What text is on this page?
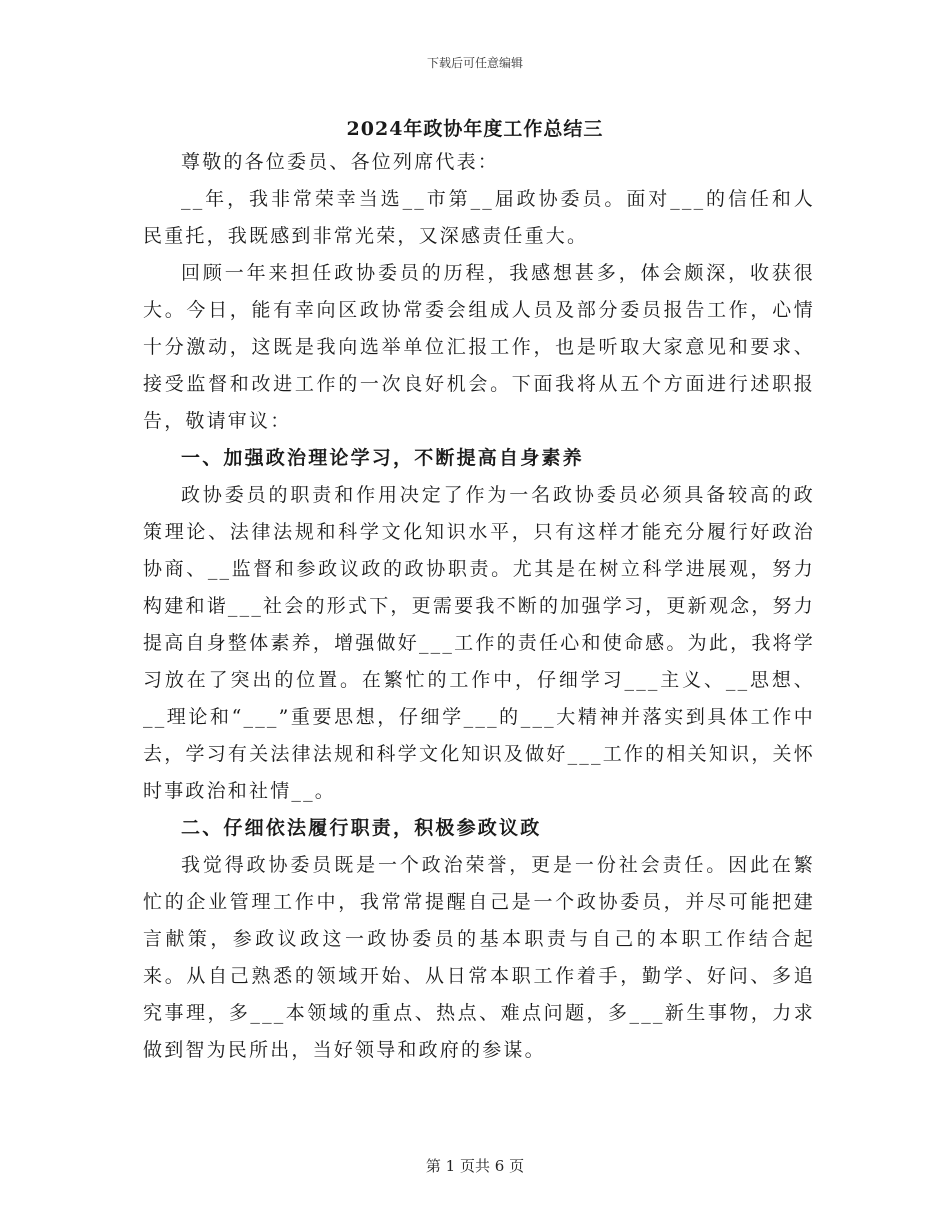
下载后可任意编辑
2024年政协年度工作总结三

尊敬的各位委员、各位列席代表：

__年，我非常荣幸当选__市第__届政协委员。面对___的信任和人民重托，我既感到非常光荣，又深感责任重大。

回顾一年来担任政协委员的历程，我感想甚多，体会颇深，收获很大。今日，能有幸向区政协常委会组成人员及部分委员报告工作，心情十分激动，这既是我向选举单位汇报工作，也是听取大家意见和要求、接受监督和改进工作的一次良好机会。下面我将从五个方面进行述职报告，敬请审议：

一、加强政治理论学习，不断提高自身素养

政协委员的职责和作用决定了作为一名政协委员必须具备较高的政策理论、法律法规和科学文化知识水平，只有这样才能充分履行好政治协商、__监督和参政议政的政协职责。尤其是在树立科学进展观，努力构建和谐___社会的形式下，更需要我不断的加强学习，更新观念，努力提高自身整体素养，增强做好___工作的责任心和使命感。为此，我将学习放在了突出的位置。在繁忙的工作中，仔细学习___主义、__思想、__理论和“___”重要思想，仔细学___的___大精神并落实到具体工作中去，学习有关法律法规和科学文化知识及做好___工作的相关知识，关怀时事政治和社情__。

二、仔细依法履行职责，积极参政议政

我觉得政协委员既是一个政治荣誉，更是一份社会责任。因此在繁忙的企业管理工作中，我常常提醒自己是一个政协委员，并尽可能把建言献策，参政议政这一政协委员的基本职责与自己的本职工作结合起来。从自己熟悉的领域开始、从日常本职工作着手，勤学、好问、多追究事理，多___本领域的重点、热点、难点问题，多___新生事物，力求做到智为民所出，当好领导和政府的参谋。

第 1 页共 6 页
